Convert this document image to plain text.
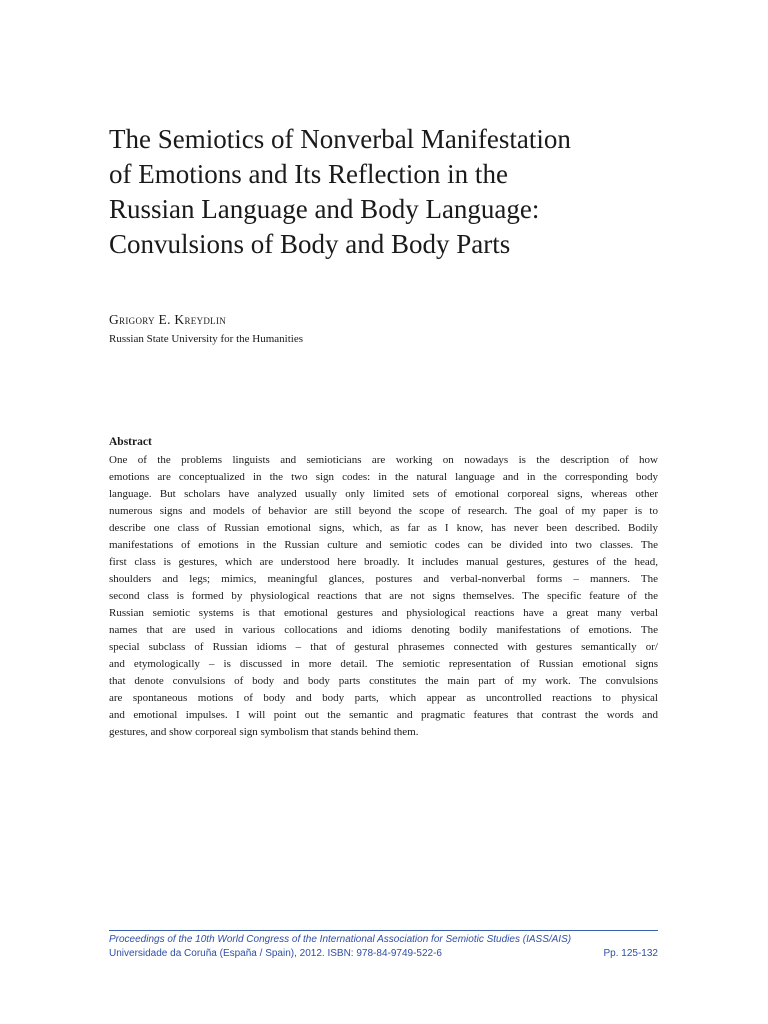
The Semiotics of Nonverbal Manifestation
of Emotions and Its Reflection in the
Russian Language and Body Language:
Convulsions of Body and Body Parts

Grigory E. Kreydlin

Russian State University for the Humanities

Abstract

One of the problems linguists and semioticians are working on nowadays is the description of how
emotions are conceptualized in the two sign codes: in the natural language and in the corresponding body
language. But scholars have analyzed usually only limited sets of emotional corporeal signs, whereas other
numerous signs and models of behavior are still beyond the scope of research. The goal of my paper is to
describe one class of Russian emotional signs, which, as far as I know, has never been described. Bodily
manifestations of emotions in the Russian culture and semiotic codes can be divided into two classes. The
first class is gestures, which are understood here broadly. It includes manual gestures, gestures of the head,
shoulders and legs; mimics, meaningful glances, postures and verbal-nonverbal forms – manners. The
second class is formed by physiological reactions that are not signs themselves. The specific feature of the
Russian semiotic systems is that emotional gestures and physiological reactions have a great many verbal
names that are used in various collocations and idioms denoting bodily manifestations of emotions. The
special subclass of Russian idioms – that of gestural phrasemes connected with gestures semantically or/
and etymologically – is discussed in more detail. The semiotic representation of Russian emotional signs
that denote convulsions of body and body parts constitutes the main part of my work. The convulsions
are spontaneous motions of body and body parts, which appear as uncontrolled reactions to physical
and emotional impulses. I will point out the semantic and pragmatic features that contrast the words and
gestures, and show corporeal sign symbolism that stands behind them.

Proceedings of the 10th World Congress of the International Association for Semiotic Studies (IASS/AIS)

Universidade da Coruña (España / Spain), 2012. ISBN: 978-84-9749-522-6	Pp. 125-132
